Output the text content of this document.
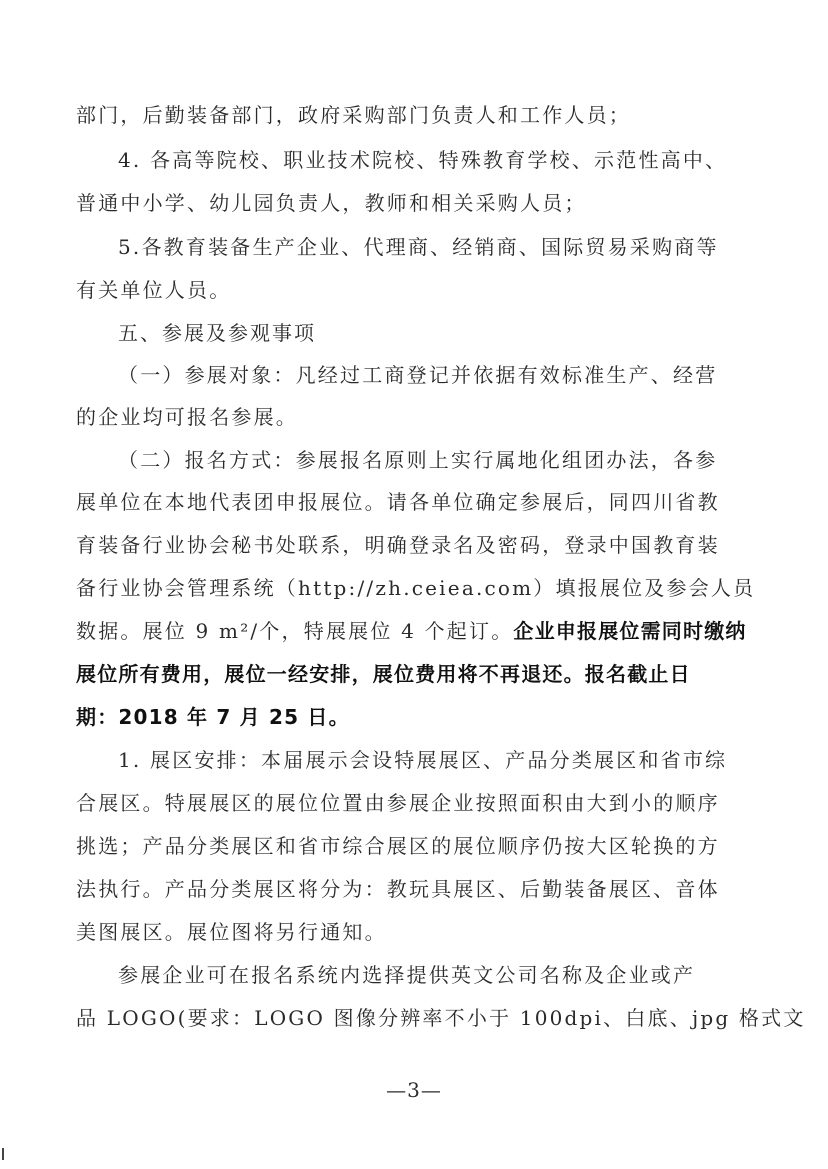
部门，后勤装备部门，政府采购部门负责人和工作人员；
4. 各高等院校、职业技术院校、特殊教育学校、示范性高中、
普通中小学、幼儿园负责人，教师和相关采购人员；
5.各教育装备生产企业、代理商、经销商、国际贸易采购商等
有关单位人员。
五、参展及参观事项
（一）参展对象：凡经过工商登记并依据有效标准生产、经营
的企业均可报名参展。
（二）报名方式：参展报名原则上实行属地化组团办法，各参
展单位在本地代表团申报展位。请各单位确定参展后，同四川省教
育装备行业协会秘书处联系，明确登录名及密码，登录中国教育装
备行业协会管理系统（http://zh.ceiea.com）填报展位及参会人员
数据。展位 9 m²/个，特展展位 4 个起订。企业申报展位需同时缴纳
展位所有费用，展位一经安排，展位费用将不再退还。报名截止日
期：2018 年 7 月 25 日。
1. 展区安排：本届展示会设特展展区、产品分类展区和省市综
合展区。特展展区的展位位置由参展企业按照面积由大到小的顺序
挑选；产品分类展区和省市综合展区的展位顺序仍按大区轮换的方
法执行。产品分类展区将分为：教玩具展区、后勤装备展区、音体
美图展区。展位图将另行通知。
参展企业可在报名系统内选择提供英文公司名称及企业或产
品 LOGO(要求：LOGO 图像分辨率不小于 100dpi、白底、jpg 格式文
—3—
